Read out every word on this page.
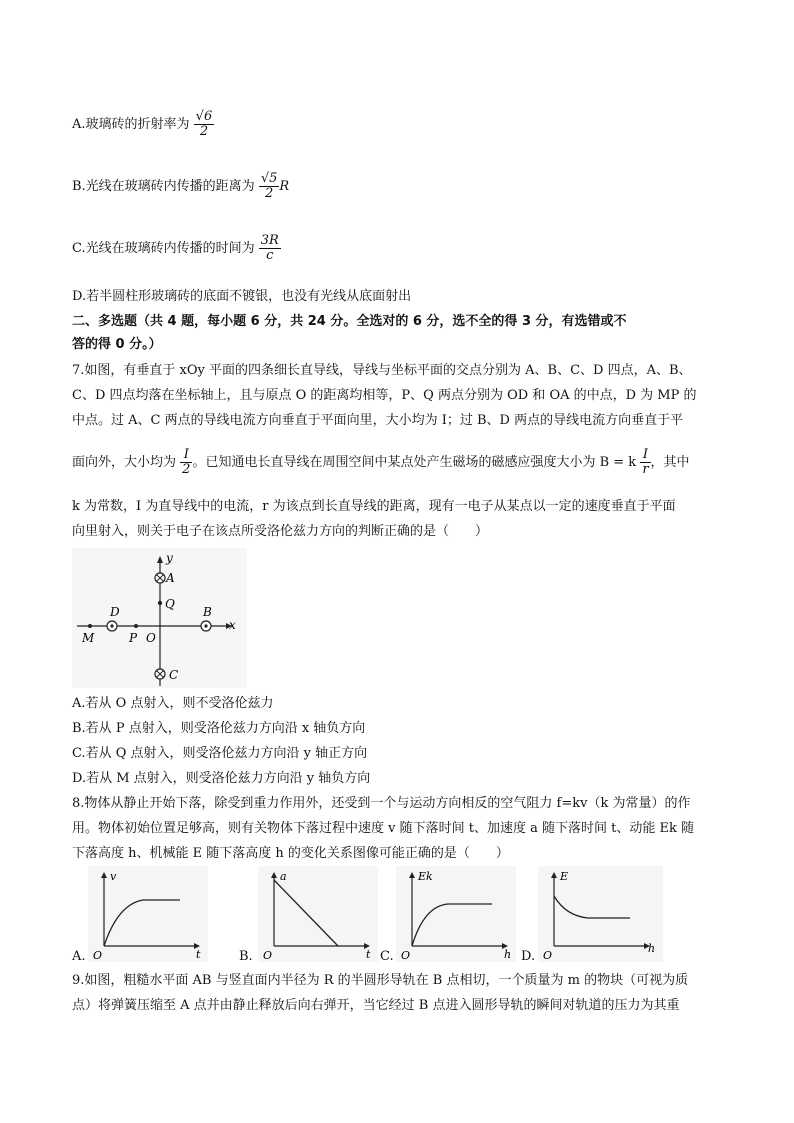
A.玻璃砖的折射率为 $\frac{√6}{2}$
B.光线在玻璃砖内传播的距离为 $\frac{√5}{2}$ R
C.光线在玻璃砖内传播的时间为 $\frac{3R}{c}$
D.若半圆柱形玻璃砖的底面不镀银，也没有光线从底面射出
二、多选题（共 4 题，每小题 6 分，共 24 分。全选对的 6 分，选不全的得 3 分，有选错或不
答的得 0 分。）
7.如图，有垂直于 xOy 平面的四条细长直导线，导线与坐标平面的交点分别为 A、B、C、D 四点，A、B、
C、D 四点均落在坐标轴上，且与原点 O 的距离均相等，P、Q 两点分别为 OD 和 OA 的中点，D 为 MP 的
中点。过 A、C 两点的导线电流方向垂直于平面向里，大小均为 I；过 B、D 两点的导线电流方向垂直于平
面向外，大小均为 $\frac{I}{2}$ 。已知通电长直导线在周围空间中某点处产生磁场的磁感应强度大小为 B = k $\frac{I}{r}$ ，其中
k 为常数，I 为直导线中的电流，r 为该点到长直导线的距离，现有一电子从某点以一定的速度垂直于平面
向里射入，则关于电子在该点所受洛伦兹力方向的判断正确的是（　　）
y
x
A
Q
D	B
M	P O
C
A.若从 O 点射入，则不受洛伦兹力
B.若从 P 点射入，则受洛伦兹力方向沿 x 轴负方向
C.若从 Q 点射入，则受洛伦兹力方向沿 y 轴正方向
D.若从 M 点射入，则受洛伦兹力方向沿 y 轴负方向
8.物体从静止开始下落，除受到重力作用外，还受到一个与运动方向相反的空气阻力 f=kv（k 为常量）的作
用。物体初始位置足够高，则有关物体下落过程中速度 v 随下落时间 t、加速度 a 随下落时间 t、动能 Ek 随
下落高度 h、机械能 E 随下落高度 h 的变化关系图像可能正确的是（　　）
A.
v
t
O	B.
a
t
O	C.
Ek
h
O	D.
E
h
O
9.如图，粗糙水平面 AB 与竖直面内半径为 R 的半圆形导轨在 B 点相切，一个质量为 m 的物块（可视为质
点）将弹簧压缩至 A 点并由静止释放后向右弹开，当它经过 B 点进入圆形导轨的瞬间对轨道的压力为其重
